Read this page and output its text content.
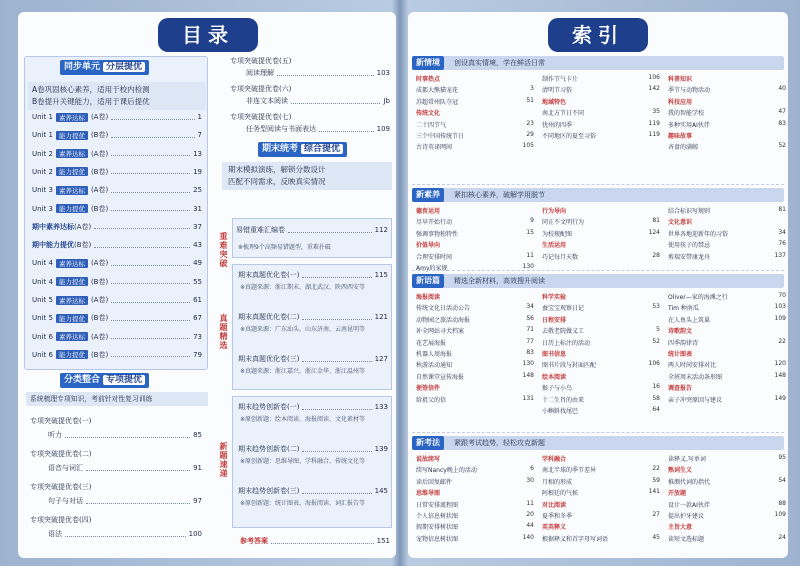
目录
同步单元 分层提优
A卷巩固核心素养，适用于校内检测
B卷提升关键能力，适用于课后提优
Unit 1 素养达标 (A卷)	1
Unit 1 能力提优 (B卷)	7
Unit 2 素养达标 (A卷)	13
Unit 2 能力提优 (B卷)	19
Unit 3 素养达标 (A卷)	25
Unit 3 能力提优 (B卷)	31
期中素养达标 (A卷)	37
期中能力提优 (B卷)	43
Unit 4 素养达标 (A卷)	49
Unit 4 能力提优 (B卷)	55
Unit 5 素养达标 (A卷)	61
Unit 5 能力提优 (B卷)	67
Unit 6 素养达标 (A卷)	73
Unit 6 能力提优 (B卷)	79
分类整合 专项提优
系统梳理专项知识，考前针对性复习训练
专项突破提优卷(一)
听力	85
专项突破提优卷(二)
语音与词汇	91
专项突破提优卷(三)
句子与对话	97
专项突破提优卷(四)
语法	100
专项突破提优卷(五)
阅读理解	103
专项突破提优卷(六)
非连文本阅读	Jb
专项突破提优卷(七)
任务型阅读与书面表达	109
期末统考 综合提优
期末模拟演练，解锁分数设计
匹配不同需求，反映真实情况
重难突破
真题精选
新题速递
易错重难汇编卷	112
※梳理9个高频易错题型，重难扑破
期末真题优化卷(一)	115
※真题来源：浙江期末、湖北武汉、陕西西安等
期末真题优化卷(二)	121
※真题来源：广东汕头、山东济南、云南昆明等
期末真题优化卷(三)	127
※真题来源：浙江嘉兴、浙江金华、浙江温州等
期末趋势创新卷(一)	133
※原创新题：绘本阅读、海报阅读、文化素材等
期末趋势创新卷(二)	139
※原创新题：思维导图、学科融合、传统文化等
期末趋势创新卷(三)	145
※原创新题：统计图表、海报阅读、词汇报告等
参考答案	151
索引
新情境	创设真实情境，学在鲜活日常
时事热点
成都大熊猫宠花	3
苏超常州队夺冠	51
传统文化
二十四节气	23
三个中国传统节日	29
古诗英译网间	105
制作节气卡片	106
清明节习俗	142
地域特色
南北方节日不同	35
忧州的四季	119
不同地区的夏至习俗	119
科普知识
季节与动物活动	40
科技应用
我的智能学校	47
多种实用AI伙伴	83
趣味故事
吝啬的满鲸	52
新素养	紧扣核心素养，破解学用脱节
德育运用
尽早开始行动	9
强调事物独特性	15
价值导向
合理安排时间	11
Amy的家规	130
行为导向
同正不文明行为	81
为校规配图	124
生活运用
巧记每月天数	28
结合标识写规则	81
文化意识
世界各地迎新年的习俗	34
使用筷子的禁忌	76
剪瑞安带康龙舟	137
新语篇	精选全新材料，高效搜升阅读
海报阅读
传统文化日活动公告	34
动物园之旅活动海报	56
补全网站寻犬档案	71
花艺展海报	77
机器人周海报	83
秋游活动通知	130
自然课堂宣传海报	148
便签信件
给祖父的信	131
科学实验
蚕宝宝观察日记	53
日程安排
去敬老院做义工	5
日历上标注的活动	52
图书信息
图书片段与封面匹配	106
绘本阅读
猴子与小鸟	16
十二生肖的由来	58
小蝌蚪找尾巴	64
Oliver—家的海滩之行	70
Tim 种南瓜	103
在人鱼头上筑巢	109
诗歌韵文
四季韵律诗	22
统计图表
两人时间安排对比	120
全班周末活动条形图	148
调查报告
亲子冲突原因与建议	149
新考法	紧跟考试趋势，轻松攻克新题
说故续写
续写Nancy晚上的活动	6
读后回复邮件	30
思维导图
日常安排流程图	11
个人信息树状图	20
假期安排树状图	44
宠物信息树状图	140
学科融合
南北半球的季节差异	22
月相的形成	59
阿根廷的气候	141
对比阅读
夏季和冬季	27
英英释义
根据释义和首字母写词语	45
读释义,写单词	95
熟词生义
推测代词的指代	54
开放题
设计一款AI伙伴	88
提出护牙建议	109
主旨大意
读短文选标题	24
